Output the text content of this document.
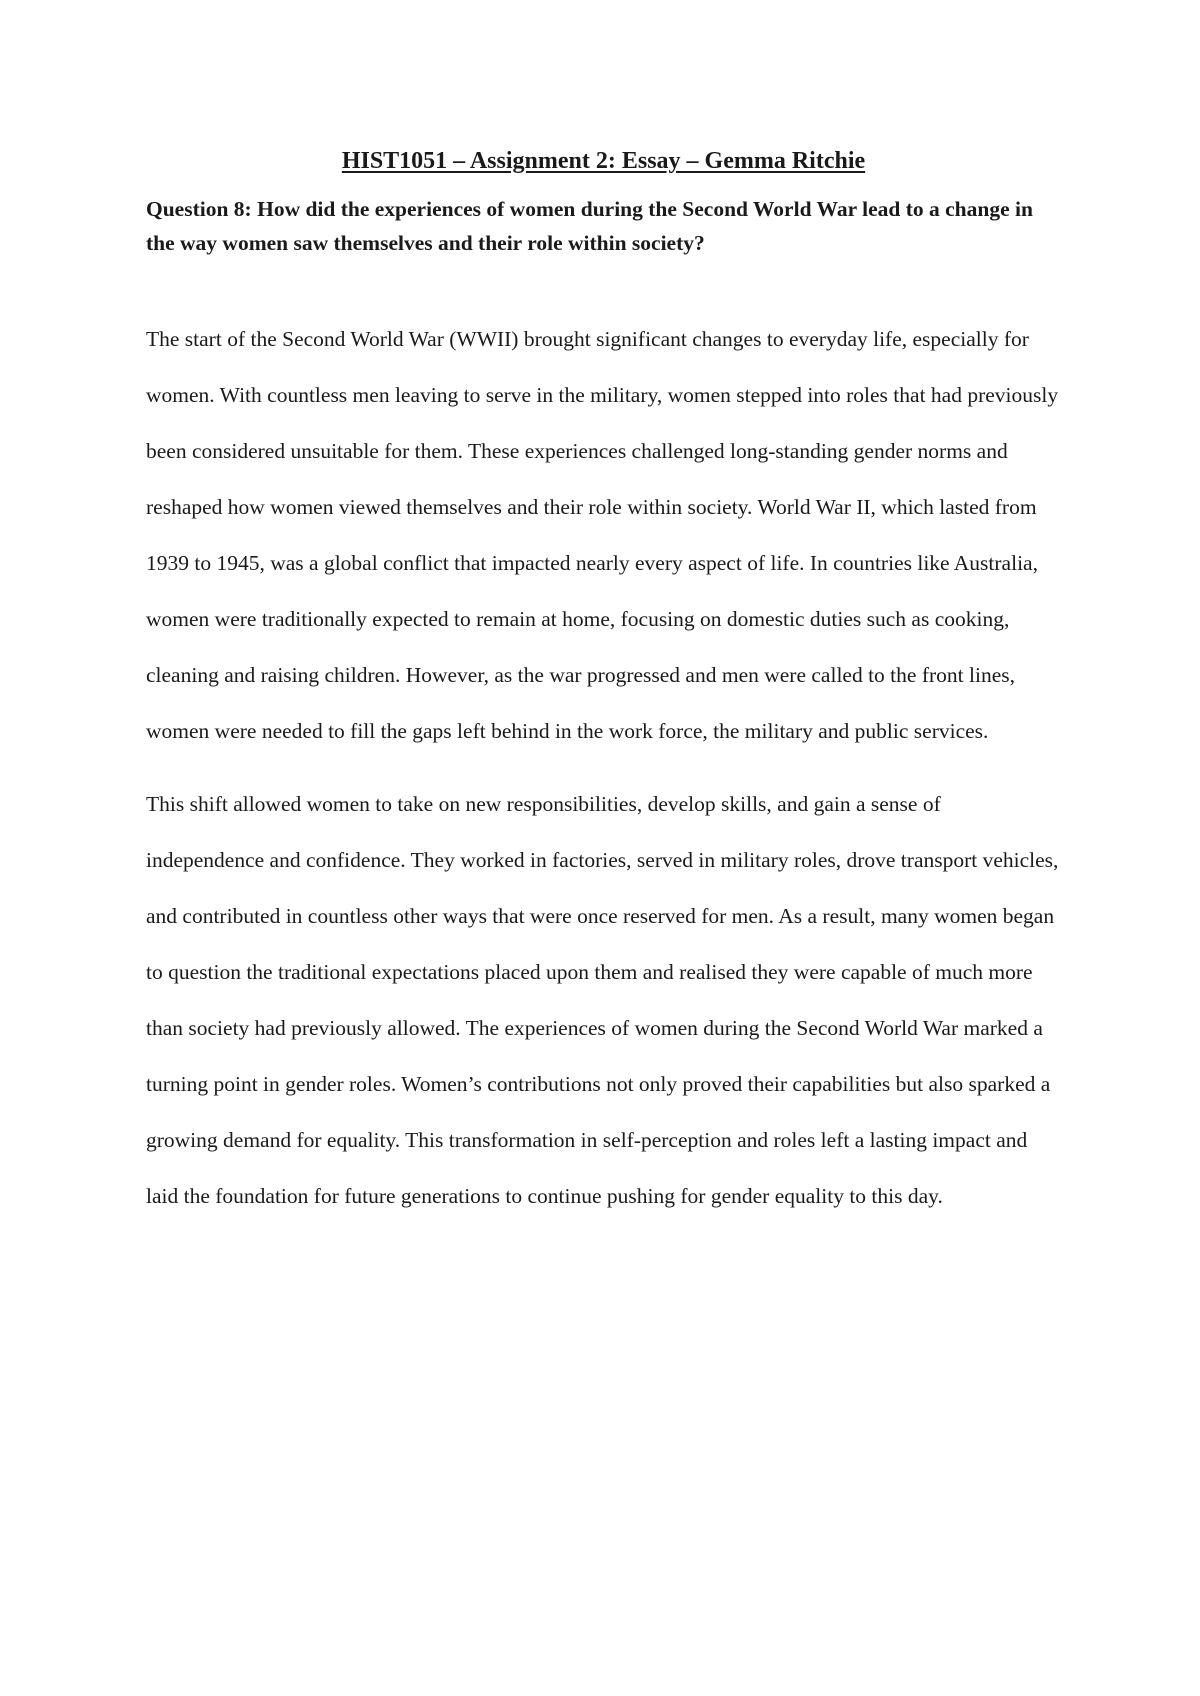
HIST1051 – Assignment 2: Essay – Gemma Ritchie

Question 8: How did the experiences of women during the Second World War lead to a change in the way women saw themselves and their role within society?

The start of the Second World War (WWII) brought significant changes to everyday life, especially for women. With countless men leaving to serve in the military, women stepped into roles that had previously been considered unsuitable for them. These experiences challenged long-standing gender norms and reshaped how women viewed themselves and their role within society. World War II, which lasted from 1939 to 1945, was a global conflict that impacted nearly every aspect of life. In countries like Australia, women were traditionally expected to remain at home, focusing on domestic duties such as cooking, cleaning and raising children. However, as the war progressed and men were called to the front lines, women were needed to fill the gaps left behind in the work force, the military and public services.

This shift allowed women to take on new responsibilities, develop skills, and gain a sense of independence and confidence. They worked in factories, served in military roles, drove transport vehicles, and contributed in countless other ways that were once reserved for men. As a result, many women began to question the traditional expectations placed upon them and realised they were capable of much more than society had previously allowed. The experiences of women during the Second World War marked a turning point in gender roles. Women’s contributions not only proved their capabilities but also sparked a growing demand for equality. This transformation in self-perception and roles left a lasting impact and laid the foundation for future generations to continue pushing for gender equality to this day.
